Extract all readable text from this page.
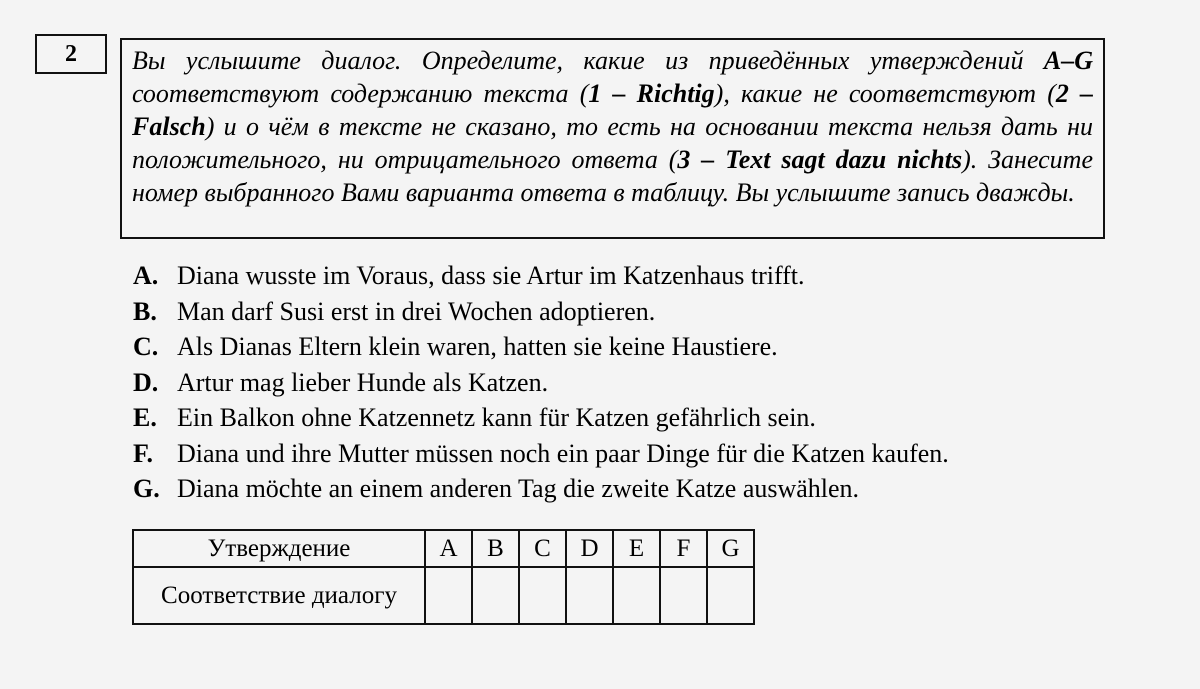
2	Вы услышите диалог. Определите, какие из приведённых утверждений A–G соответствуют содержанию текста (1 – Richtig), какие не соответствуют (2 – Falsch) и о чём в тексте не сказано, то есть на основании текста нельзя дать ни положительного, ни отрицательного ответа (3 – Text sagt dazu nichts). Занесите номер выбранного Вами варианта ответа в таблицу. Вы услышите запись дважды.
A. Diana wusste im Voraus, dass sie Artur im Katzenhaus trifft.
B. Man darf Susi erst in drei Wochen adoptieren.
C. Als Dianas Eltern klein waren, hatten sie keine Haustiere.
D. Artur mag lieber Hunde als Katzen.
E. Ein Balkon ohne Katzennetz kann für Katzen gefährlich sein.
F. Diana und ihre Mutter müssen noch ein paar Dinge für die Katzen kaufen.
G. Diana möchte an einem anderen Tag die zweite Katze auswählen.
Утверждение	A	B	C	D	E	F	G
Соответствие диалогу							
